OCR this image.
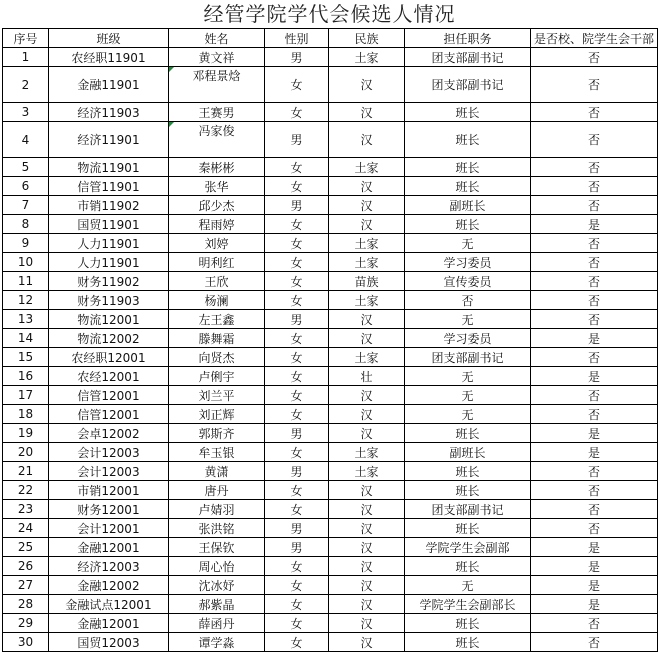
经管学院学代会候选人情况
序号	班级	姓名	性别	民族	担任职务	是否校、院学生会干部
1	农经职11901	黄文祥	男	土家	团支部副书记	否
2	金融11901	邓程景焓	女	汉	团支部副书记	否
3	经济11903	王赛男	女	汉	班长	否
4	经济11901	冯家俊	男	汉	班长	否
5	物流11901	秦彬彬	女	土家	班长	否
6	信管11901	张华	女	汉	班长	否
7	市销11902	邱少杰	男	汉	副班长	否
8	国贸11901	程雨婷	女	汉	班长	是
9	人力11901	刘婷	女	土家	无	否
10	人力11901	明利红	女	土家	学习委员	否
11	财务11902	王欣	女	苗族	宣传委员	否
12	财务11903	杨澜	女	土家	否	否
13	物流12001	左王鑫	男	汉	无	否
14	物流12002	滕舞霜	女	汉	学习委员	是
15	农经职12001	向贤杰	女	土家	团支部副书记	否
16	农经12001	卢俐宇	女	壮	无	是
17	信管12001	刘兰平	女	汉	无	否
18	信管12001	刘正辉	女	汉	无	否
19	会卓12002	郭斯齐	男	汉	班长	是
20	会计12003	牟玉银	女	土家	副班长	是
21	会计12003	黄潇	男	土家	班长	否
22	市销12001	唐丹	女	汉	班长	否
23	财务12001	卢婧羽	女	汉	团支部副书记	否
24	会计12001	张洪铭	男	汉	班长	否
25	金融12001	王保钦	男	汉	学院学生会副部	是
26	经济12003	周心怡	女	汉	班长	是
27	金融12002	沈冰妤	女	汉	无	是
28	金融试点12001	郝紫晶	女	汉	学院学生会副部长	是
29	金融12001	薛函丹	女	汉	班长	否
30	国贸12003	谭学淼	女	汉	班长	否
